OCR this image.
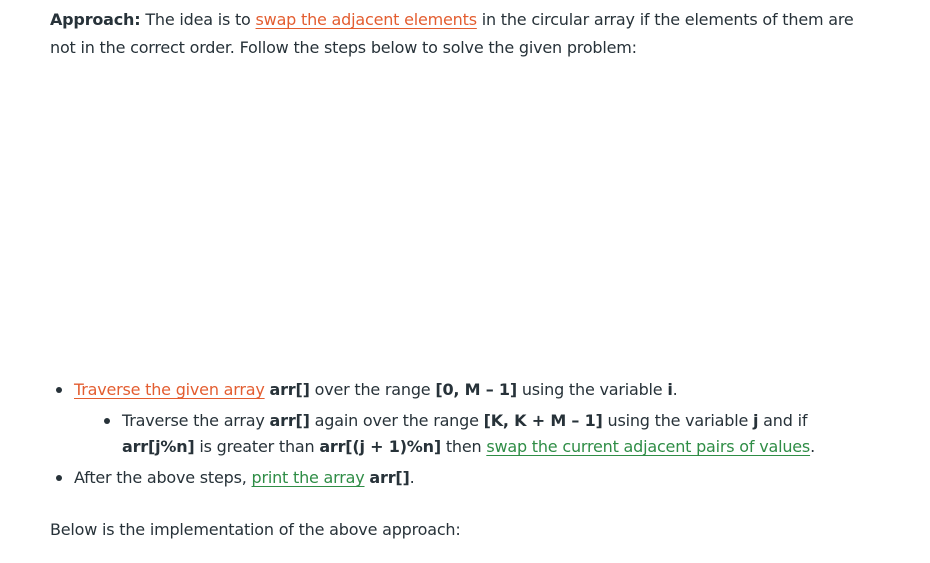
Approach: The idea is to swap the adjacent elements in the circular array if the elements of them are not in the correct order. Follow the steps below to solve the given problem:

Traverse the given array arr[] over the range [0, M – 1] using the variable i.
Traverse the array arr[] again over the range [K, K + M – 1] using the variable j and if arr[j%n] is greater than arr[(j + 1)%n] then swap the current adjacent pairs of values.
After the above steps, print the array arr[].

Below is the implementation of the above approach:
